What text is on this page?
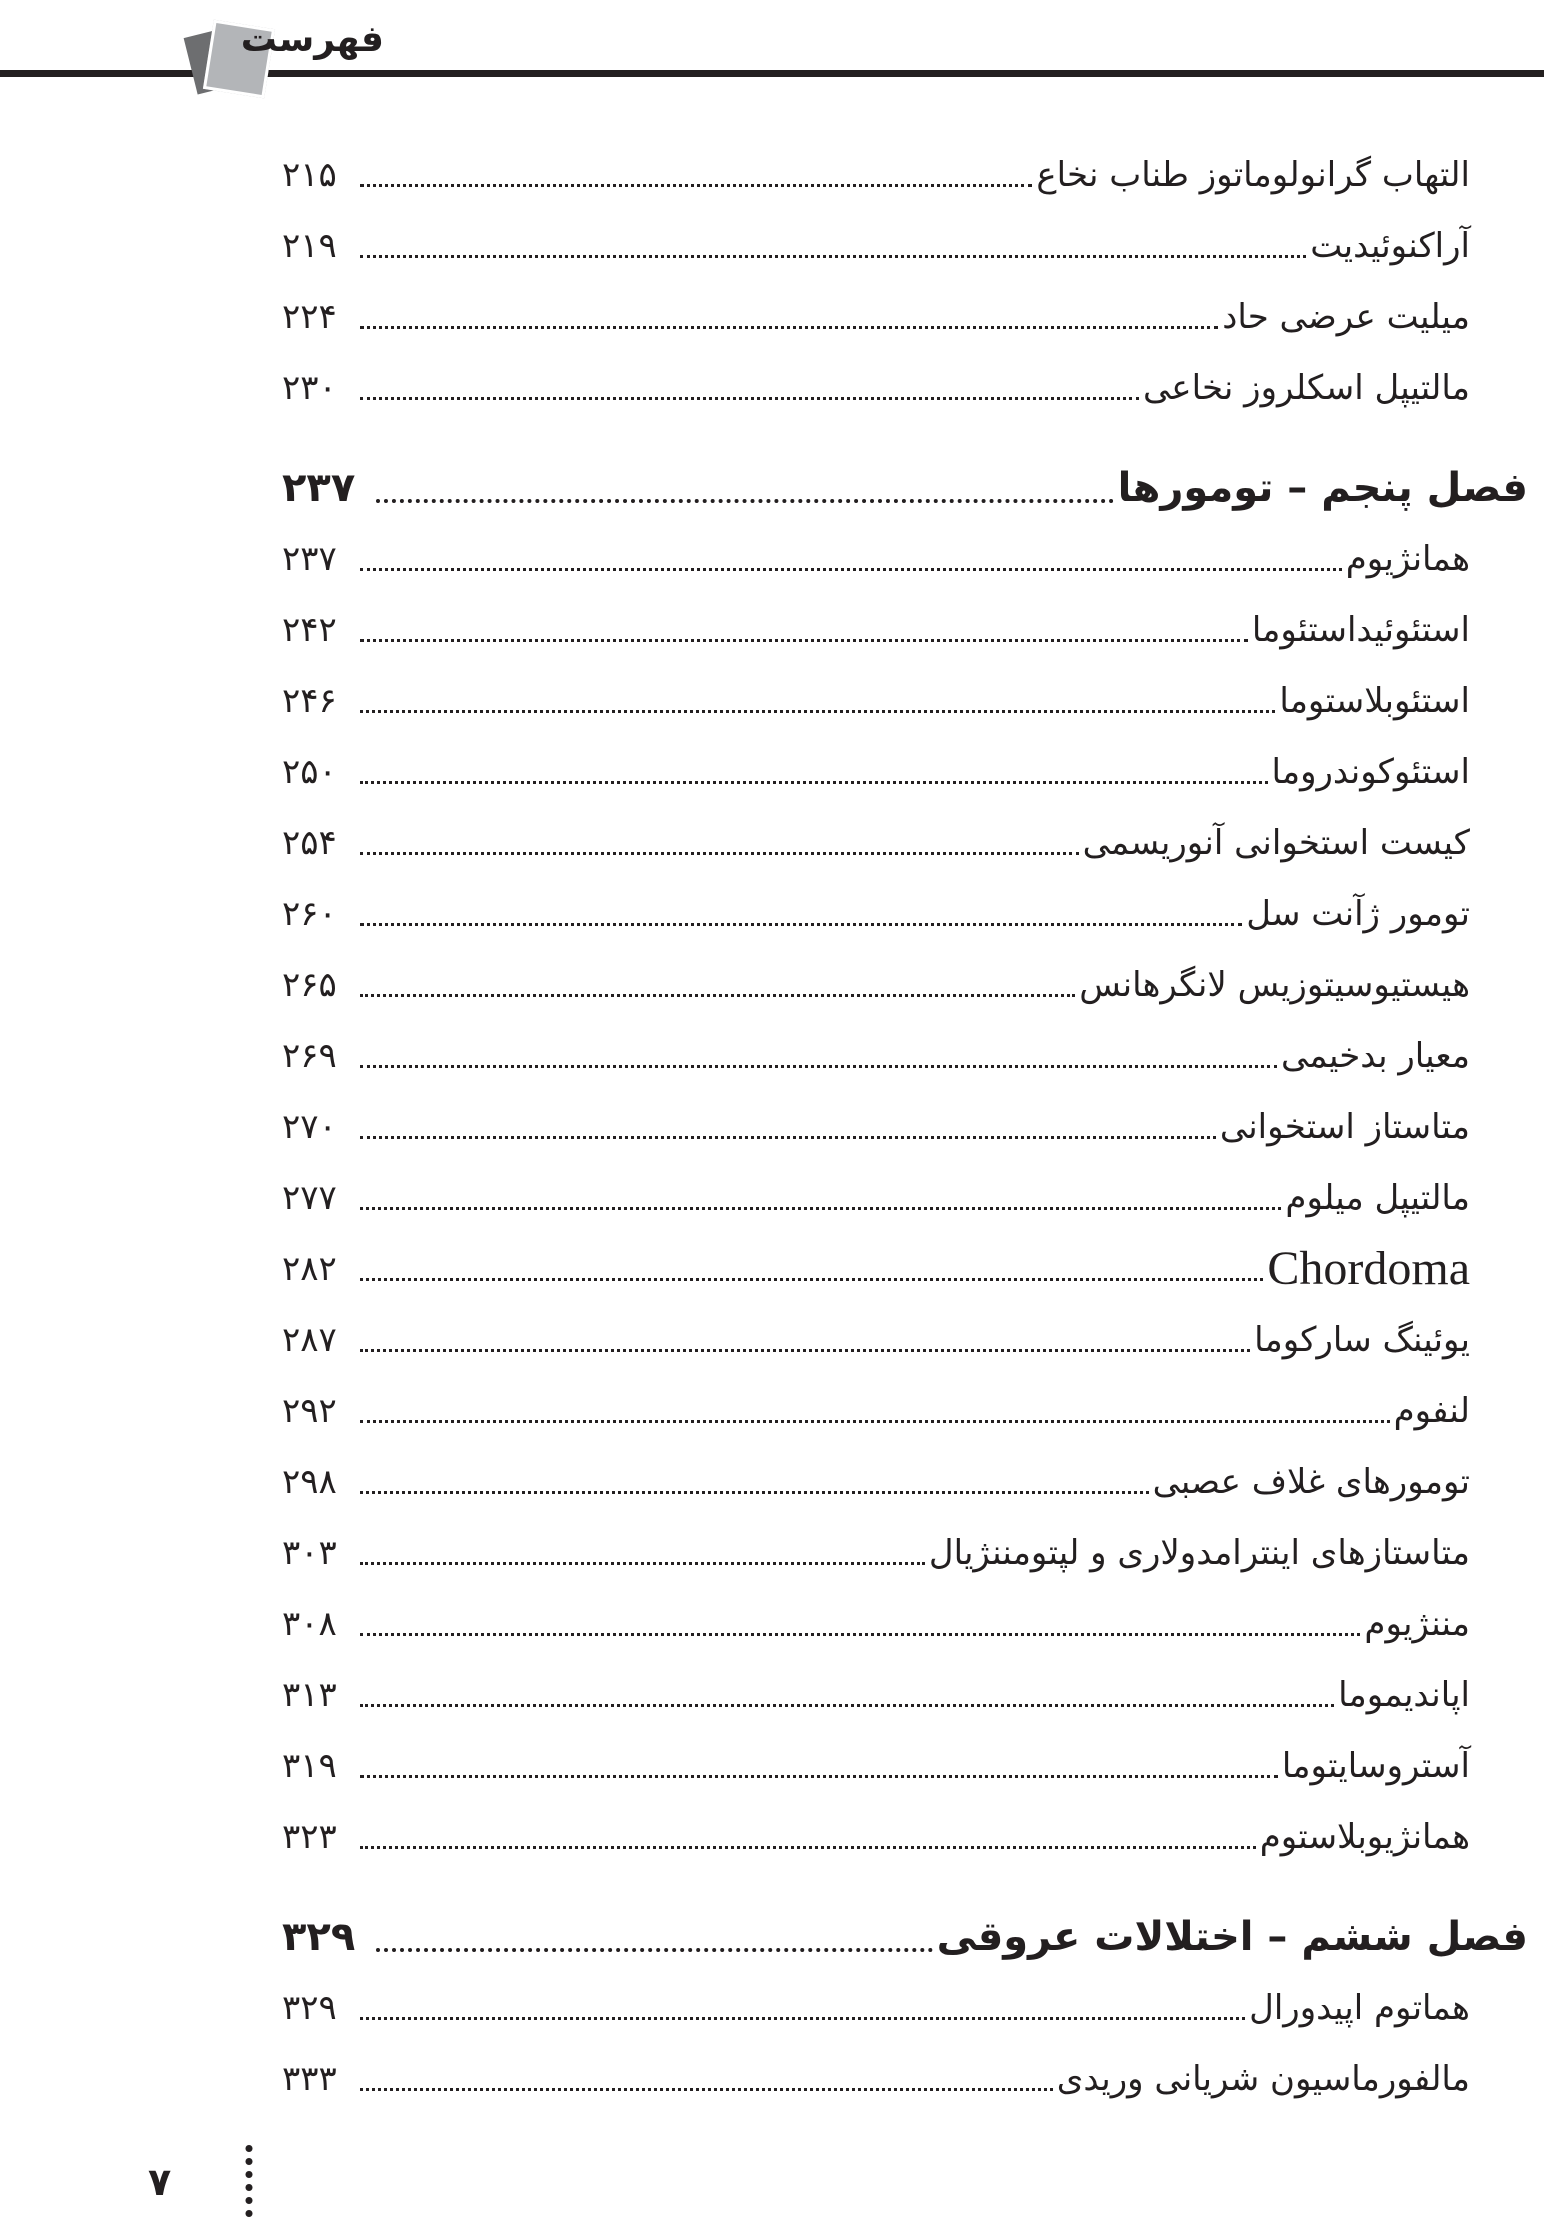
فهرست
التهاب گرانولوماتوز طناب نخاع
۲۱۵
آراکنوئیدیت
۲۱۹
میلیت عرضی حاد
۲۲۴
مالتیپل اسکلروز نخاعی
۲۳۰
فصل پنجم – تومورها
۲۳۷
همانژیوم
۲۳۷
استئوئیداستئوما
۲۴۲
استئوبلاستوما
۲۴۶
استئوکوندروما
۲۵۰
کیست استخوانی آنوریسمی
۲۵۴
تومور ژآنت سل
۲۶۰
هیستیوسیتوزیس لانگرهانس
۲۶۵
معیار بدخیمی
۲۶۹
متاستاز استخوانی
۲۷۰
مالتیپل میلوم
۲۷۷
Chordoma
۲۸۲
یوئینگ سارکوما
۲۸۷
لنفوم
۲۹۲
تومورهای غلاف عصبی
۲۹۸
متاستازهای اینترامدولاری و لپتومننژیال
۳۰۳
مننژیوم
۳۰۸
اپاندیموما
۳۱۳
آستروسایتوما
۳۱۹
همانژیوبلاستوم
۳۲۳
فصل ششم – اختلالات عروقی
۳۲۹
هماتوم اپیدورال
۳۲۹
مالفورماسیون شریانی وریدی
۳۳۳
۷
